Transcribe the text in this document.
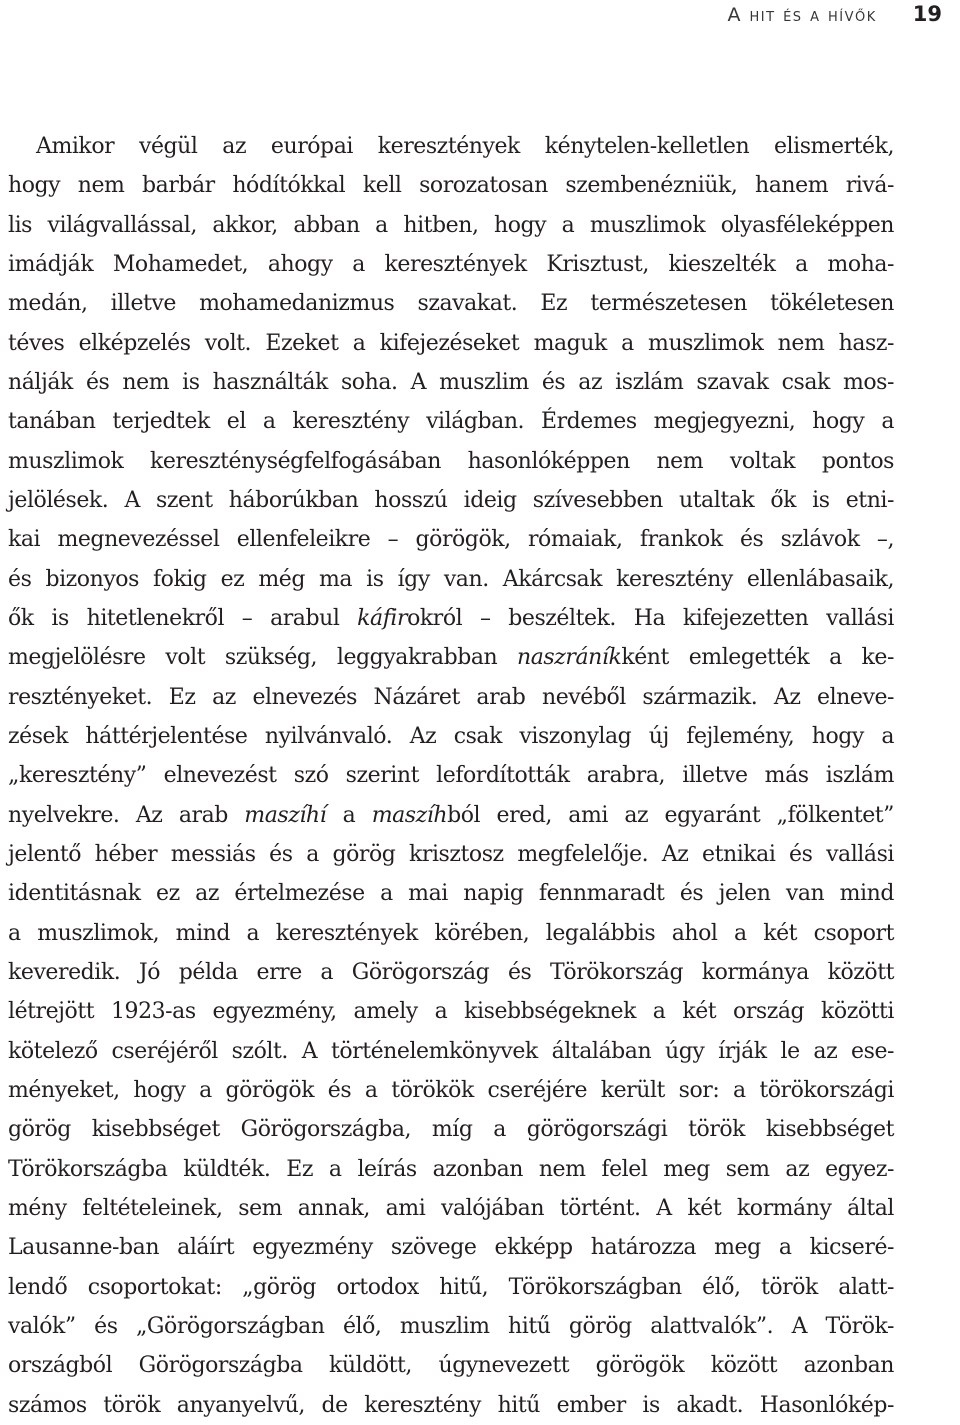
A hit és a hívők 19
Amikor végül az európai keresztények kénytelen-kelletlen elismerték,
hogy nem barbár hódítókkal kell sorozatosan szembenézniük, hanem rivá-
lis világvallással, akkor, abban a hitben, hogy a muszlimok olyasféleképpen
imádják Mohamedet, ahogy a keresztények Krisztust, kieszelték a moha-
medán, illetve mohamedanizmus szavakat. Ez természetesen tökéletesen
téves elképzelés volt. Ezeket a kifejezéseket maguk a muszlimok nem hasz-
nálják és nem is használták soha. A muszlim és az iszlám szavak csak mos-
tanában terjedtek el a keresztény világban. Érdemes megjegyezni, hogy a
muszlimok kereszténységfelfogásában hasonlóképpen nem voltak pontos
jelölések. A szent háborúkban hosszú ideig szívesebben utaltak ők is etni-
kai megnevezéssel ellenfeleikre – görögök, rómaiak, frankok és szlávok –,
és bizonyos fokig ez még ma is így van. Akárcsak keresztény ellenlábasaik,
ők is hitetlenekről – arabul káfirokról – beszéltek. Ha kifejezetten vallási
megjelölésre volt szükség, leggyakrabban naszráníkként emlegették a ke-
resztényeket. Ez az elnevezés Názáret arab nevéből származik. Az elneve-
zések háttérjelentése nyilvánvaló. Az csak viszonylag új fejlemény, hogy a
„keresztény” elnevezést szó szerint lefordították arabra, illetve más iszlám
nyelvekre. Az arab maszíhí a maszíhból ered, ami az egyaránt „fölkentet”
jelentő héber messiás és a görög krisztosz megfelelője. Az etnikai és vallási
identitásnak ez az értelmezése a mai napig fennmaradt és jelen van mind
a muszlimok, mind a keresztények körében, legalábbis ahol a két csoport
keveredik. Jó példa erre a Görögország és Törökország kormánya között
létrejött 1923-as egyezmény, amely a kisebbségeknek a két ország közötti
kötelező cseréjéről szólt. A történelemkönyvek általában úgy írják le az ese-
ményeket, hogy a görögök és a törökök cseréjére került sor: a törökországi
görög kisebbséget Görögországba, míg a görögországi török kisebbséget
Törökországba küldték. Ez a leírás azonban nem felel meg sem az egyez-
mény feltételeinek, sem annak, ami valójában történt. A két kormány által
Lausanne-ban aláírt egyezmény szövege ekképp határozza meg a kicseré-
lendő csoportokat: „görög ortodox hitű, Törökországban élő, török alatt-
valók” és „Görögországban élő, muszlim hitű görög alattvalók”. A Török-
országból Görögországba küldött, úgynevezett görögök között azonban
számos török anyanyelvű, de keresztény hitű ember is akadt. Hasonlókép-
